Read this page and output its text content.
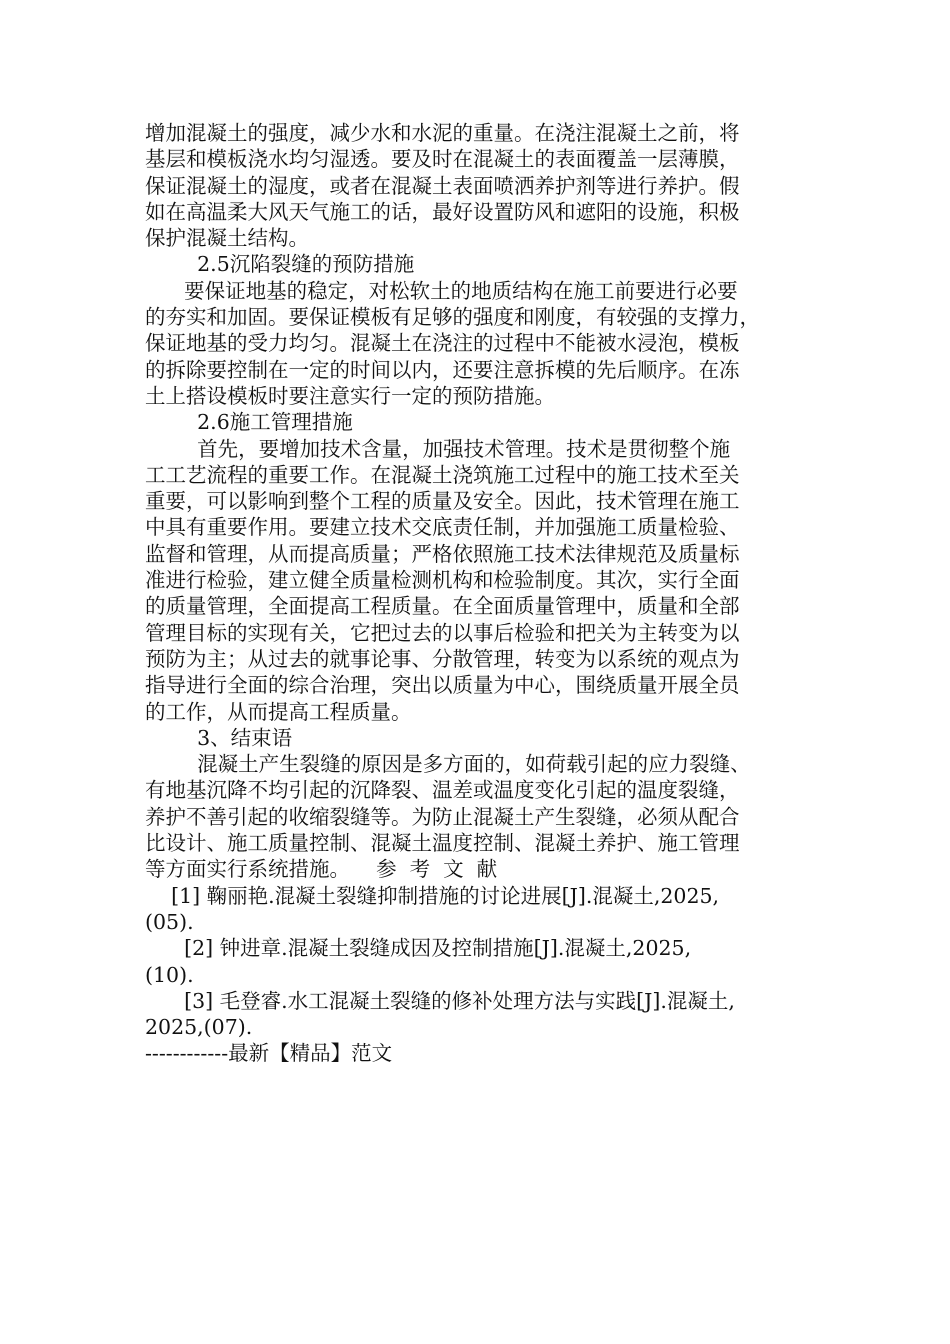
增加混凝土的强度，减少水和水泥的重量。在浇注混凝土之前，将
基层和模板浇水均匀湿透。要及时在混凝土的表面覆盖一层薄膜，
保证混凝土的湿度，或者在混凝土表面喷洒养护剂等进行养护。假
如在高温柔大风天气施工的话，最好设置防风和遮阳的设施，积极
保护混凝土结构。
2.5沉陷裂缝的预防措施
要保证地基的稳定，对松软土的地质结构在施工前要进行必要
的夯实和加固。要保证模板有足够的强度和刚度，有较强的支撑力，
保证地基的受力均匀。混凝土在浇注的过程中不能被水浸泡，模板
的拆除要控制在一定的时间以内，还要注意拆模的先后顺序。在冻
土上搭设模板时要注意实行一定的预防措施。
2.6施工管理措施
首先，要增加技术含量，加强技术管理。技术是贯彻整个施
工工艺流程的重要工作。在混凝土浇筑施工过程中的施工技术至关
重要，可以影响到整个工程的质量及安全。因此，技术管理在施工
中具有重要作用。要建立技术交底责任制，并加强施工质量检验、
监督和管理，从而提高质量；严格依照施工技术法律规范及质量标
准进行检验，建立健全质量检测机构和检验制度。其次，实行全面
的质量管理，全面提高工程质量。在全面质量管理中，质量和全部
管理目标的实现有关，它把过去的以事后检验和把关为主转变为以
预防为主；从过去的就事论事、分散管理，转变为以系统的观点为
指导进行全面的综合治理，突出以质量为中心，围绕质量开展全员
的工作，从而提高工程质量。
3、结束语
混凝土产生裂缝的原因是多方面的，如荷载引起的应力裂缝、
有地基沉降不均引起的沉降裂、温差或温度变化引起的温度裂缝，
养护不善引起的收缩裂缝等。为防止混凝土产生裂缝，必须从配合
比设计、施工质量控制、混凝土温度控制、混凝土养护、施工管理
等方面实行系统措施。    参  考  文  献
[1] 鞠丽艳.混凝土裂缝抑制措施的讨论进展[J].混凝土,2025,
(05).
[2] 钟进章.混凝土裂缝成因及控制措施[J].混凝土,2025,
(10).
[3] 毛登睿.水工混凝土裂缝的修补处理方法与实践[J].混凝土,
2025,(07).
------------最新【精品】范文
